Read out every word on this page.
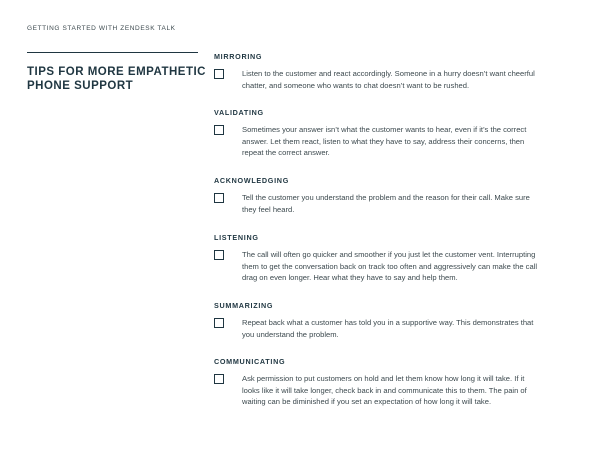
GETTING STARTED WITH ZENDESK TALK
TIPS FOR MORE EMPATHETIC
PHONE SUPPORT
MIRRORING

Listen to the customer and react accordingly. Someone in a hurry doesn’t want cheerful chatter, and someone who wants to chat doesn’t want to be rushed.

VALIDATING

Sometimes your answer isn’t what the customer wants to hear, even if it’s the correct answer. Let them react, listen to what they have to say, address their concerns, then repeat the correct answer.

ACKNOWLEDGING

Tell the customer you understand the problem and the reason for their call. Make sure they feel heard.

LISTENING

The call will often go quicker and smoother if you just let the customer vent. Interrupting them to get the conversation back on track too often and aggressively can make the call drag on even longer. Hear what they have to say and help them.

SUMMARIZING

Repeat back what a customer has told you in a supportive way. This demonstrates that you understand the problem.

COMMUNICATING

Ask permission to put customers on hold and let them know how long it will take. If it looks like it will take longer, check back in and communicate this to them. The pain of waiting can be diminished if you set an expectation of how long it will take.
